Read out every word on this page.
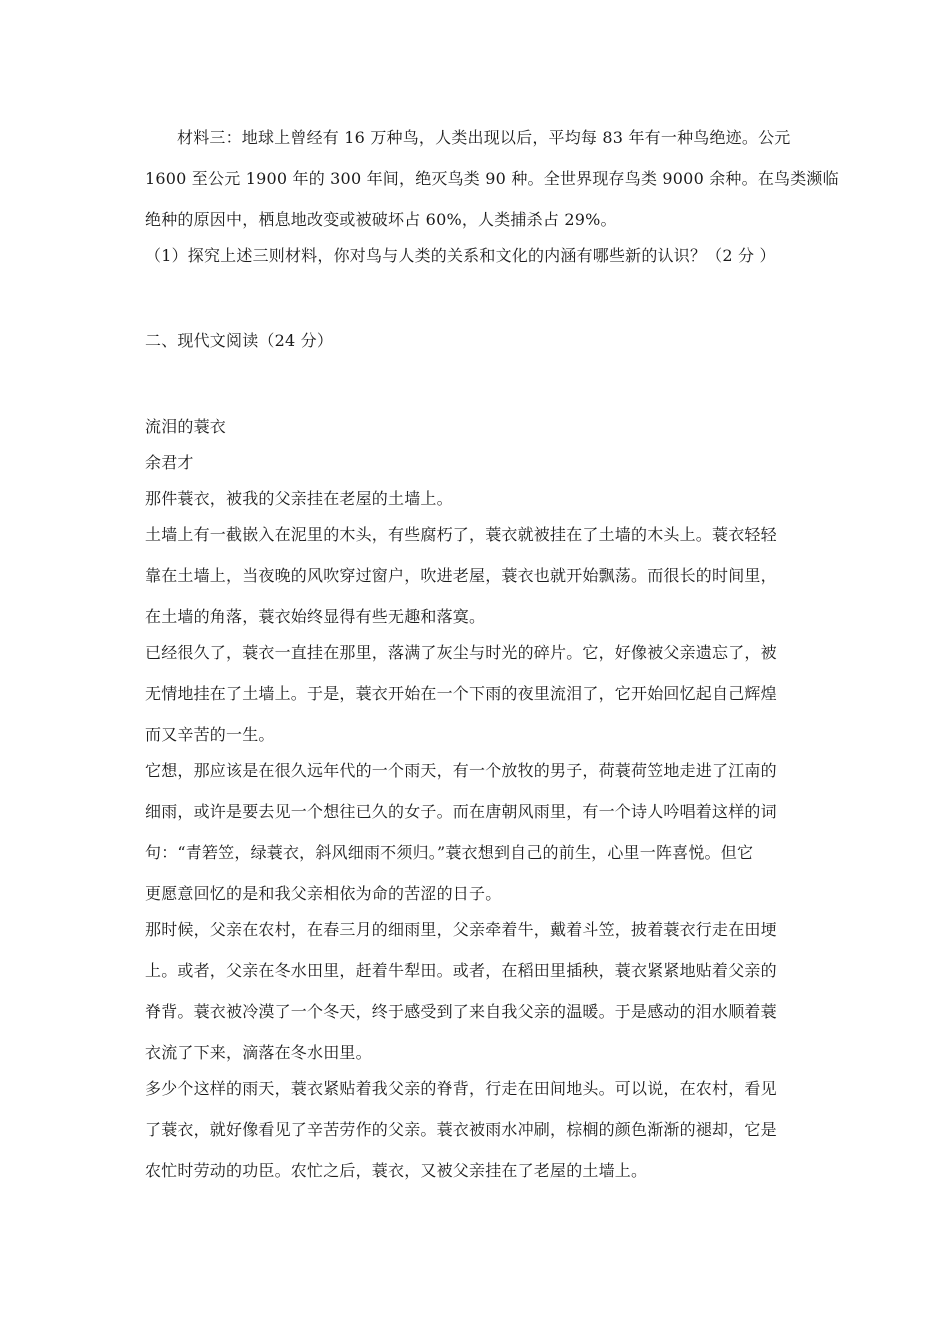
材料三：地球上曾经有 16 万种鸟，人类出现以后，平均每 83 年有一种鸟绝迹。公元
1600 至公元 1900 年的 300 年间，绝灭鸟类 90 种。全世界现存鸟类 9000 余种。在鸟类濒临
绝种的原因中，栖息地改变或被破坏占 60%，人类捕杀占 29%。
（1）探究上述三则材料，你对鸟与人类的关系和文化的内涵有哪些新的认识？（2 分 ）
二、现代文阅读（24 分）
流泪的蓑衣
余君才
那件蓑衣，被我的父亲挂在老屋的土墙上。
土墙上有一截嵌入在泥里的木头，有些腐朽了，蓑衣就被挂在了土墙的木头上。蓑衣轻轻
靠在土墙上，当夜晚的风吹穿过窗户，吹进老屋，蓑衣也就开始飘荡。而很长的时间里，
在土墙的角落，蓑衣始终显得有些无趣和落寞。
已经很久了，蓑衣一直挂在那里，落满了灰尘与时光的碎片。它，好像被父亲遗忘了，被
无情地挂在了土墙上。于是，蓑衣开始在一个下雨的夜里流泪了，它开始回忆起自己辉煌
而又辛苦的一生。
它想，那应该是在很久远年代的一个雨天，有一个放牧的男子，荷蓑荷笠地走进了江南的
细雨，或许是要去见一个想往已久的女子。而在唐朝风雨里，有一个诗人吟唱着这样的词
句：“青箬笠，绿蓑衣，斜风细雨不须归。”蓑衣想到自己的前生，心里一阵喜悦。但它
更愿意回忆的是和我父亲相依为命的苦涩的日子。
那时候，父亲在农村，在春三月的细雨里，父亲牵着牛，戴着斗笠，披着蓑衣行走在田埂
上。或者，父亲在冬水田里，赶着牛犁田。或者，在稻田里插秧，蓑衣紧紧地贴着父亲的
脊背。蓑衣被冷漠了一个冬天，终于感受到了来自我父亲的温暖。于是感动的泪水顺着蓑
衣流了下来，滴落在冬水田里。
多少个这样的雨天，蓑衣紧贴着我父亲的脊背，行走在田间地头。可以说，在农村，看见
了蓑衣，就好像看见了辛苦劳作的父亲。蓑衣被雨水冲刷，棕榈的颜色渐渐的褪却，它是
农忙时劳动的功臣。农忙之后，蓑衣，又被父亲挂在了老屋的土墙上。
